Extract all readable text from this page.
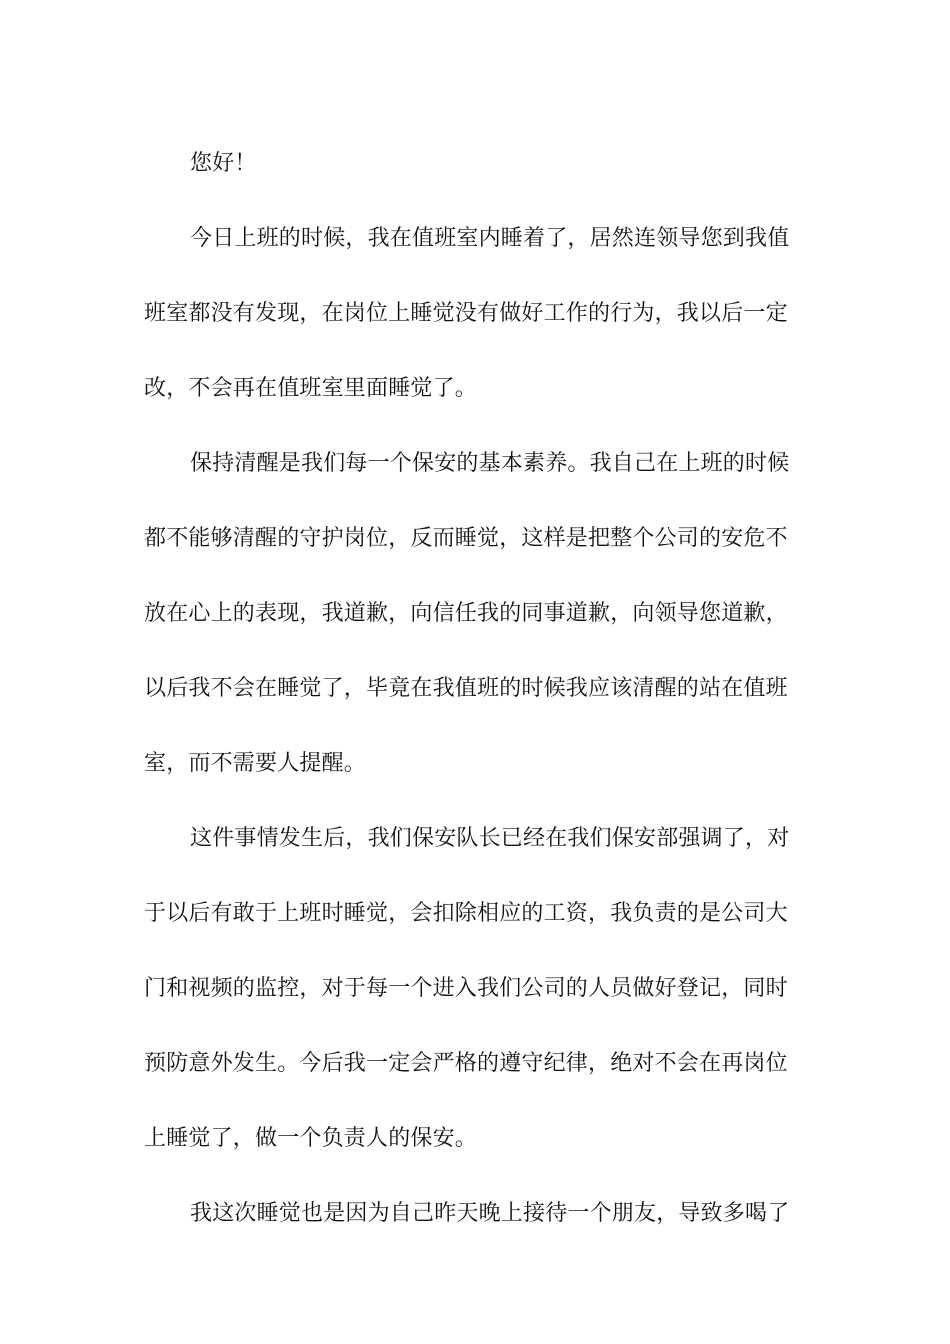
您好！
今日上班的时候，我在值班室内睡着了，居然连领导您到我值
班室都没有发现，在岗位上睡觉没有做好工作的行为，我以后一定
改，不会再在值班室里面睡觉了。
保持清醒是我们每一个保安的基本素养。我自己在上班的时候
都不能够清醒的守护岗位，反而睡觉，这样是把整个公司的安危不
放在心上的表现，我道歉，向信任我的同事道歉，向领导您道歉，
以后我不会在睡觉了，毕竟在我值班的时候我应该清醒的站在值班
室，而不需要人提醒。
这件事情发生后，我们保安队长已经在我们保安部强调了，对
于以后有敢于上班时睡觉，会扣除相应的工资，我负责的是公司大
门和视频的监控，对于每一个进入我们公司的人员做好登记，同时
预防意外发生。今后我一定会严格的遵守纪律，绝对不会在再岗位
上睡觉了，做一个负责人的保安。
我这次睡觉也是因为自己昨天晚上接待一个朋友，导致多喝了
